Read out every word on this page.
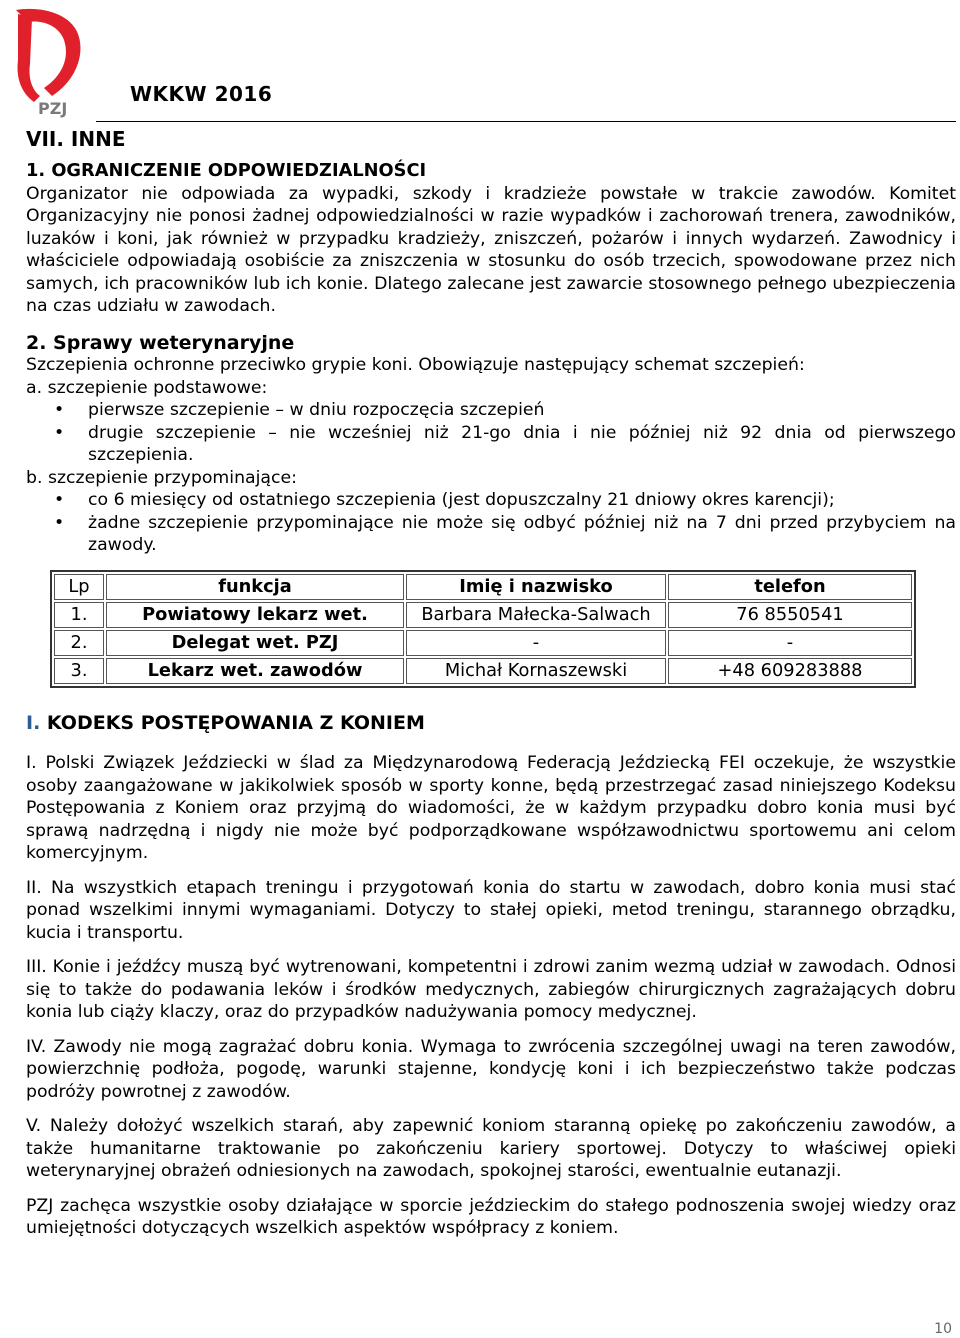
PZJ
WKKW 2016
VII. INNE
1. OGRANICZENIE ODPOWIEDZIALNOŚCI

Organizator nie odpowiada za wypadki, szkody i kradzieże powstałe w trakcie zawodów. Komitet Organizacyjny nie ponosi żadnej odpowiedzialności w razie wypadków i zachorowań trenera, zawodników, luzaków i koni, jak również w przypadku kradzieży, zniszczeń, pożarów i innych wydarzeń. Zawodnicy i właściciele odpowiadają osobiście za zniszczenia w stosunku do osób trzecich, spowodowane przez nich samych, ich pracowników lub ich konie. Dlatego zalecane jest zawarcie stosownego pełnego ubezpieczenia na czas udziału w zawodach.

2. Sprawy weterynaryjne

Szczepienia ochronne przeciwko grypie koni. Obowiązuje następujący schemat szczepień:

a. szczepienie podstawowe:

• pierwsze szczepienie – w dniu rozpoczęcia szczepień
• drugie szczepienie – nie wcześniej niż 21-go dnia i nie później niż 92 dnia od pierwszego szczepienia.

b. szczepienie przypominające:

• co 6 miesięcy od ostatniego szczepienia (jest dopuszczalny 21 dniowy okres karencji);
• żadne szczepienie przypominające nie może się odbyć później niż na 7 dni przed przybyciem na zawody.
Lp	funkcja	Imię i nazwisko	telefon
1.	Powiatowy lekarz wet.	Barbara Małecka-Salwach	76 8550541
2.	Delegat wet. PZJ	-	-
3.	Lekarz wet. zawodów	Michał Kornaszewski	+48 609283888
I. KODEKS POSTĘPOWANIA Z KONIEM

I. Polski Związek Jeździecki w ślad za Międzynarodową Federacją Jeździecką FEI oczekuje, że wszystkie osoby zaangażowane w jakikolwiek sposób w sporty konne, będą przestrzegać zasad niniejszego Kodeksu Postępowania z Koniem oraz przyjmą do wiadomości, że w każdym przypadku dobro konia musi być sprawą nadrzędną i nigdy nie może być podporządkowane współzawodnictwu sportowemu ani celom komercyjnym.

II. Na wszystkich etapach treningu i przygotowań konia do startu w zawodach, dobro konia musi stać ponad wszelkimi innymi wymaganiami. Dotyczy to stałej opieki, metod treningu, starannego obrządku, kucia i transportu.

III. Konie i jeźdźcy muszą być wytrenowani, kompetentni i zdrowi zanim wezmą udział w zawodach. Odnosi się to także do podawania leków i środków medycznych, zabiegów chirurgicznych zagrażających dobru konia lub ciąży klaczy, oraz do przypadków nadużywania pomocy medycznej.

IV. Zawody nie mogą zagrażać dobru konia. Wymaga to zwrócenia szczególnej uwagi na teren zawodów, powierzchnię podłoża, pogodę, warunki stajenne, kondycję koni i ich bezpieczeństwo także podczas podróży powrotnej z zawodów.

V. Należy dołożyć wszelkich starań, aby zapewnić koniom staranną opiekę po zakończeniu zawodów, a także humanitarne traktowanie po zakończeniu kariery sportowej. Dotyczy to właściwej opieki weterynaryjnej obrażeń odniesionych na zawodach, spokojnej starości, ewentualnie eutanazji.

PZJ zachęca wszystkie osoby działające w sporcie jeździeckim do stałego podnoszenia swojej wiedzy oraz umiejętności dotyczących wszelkich aspektów współpracy z koniem.

10
